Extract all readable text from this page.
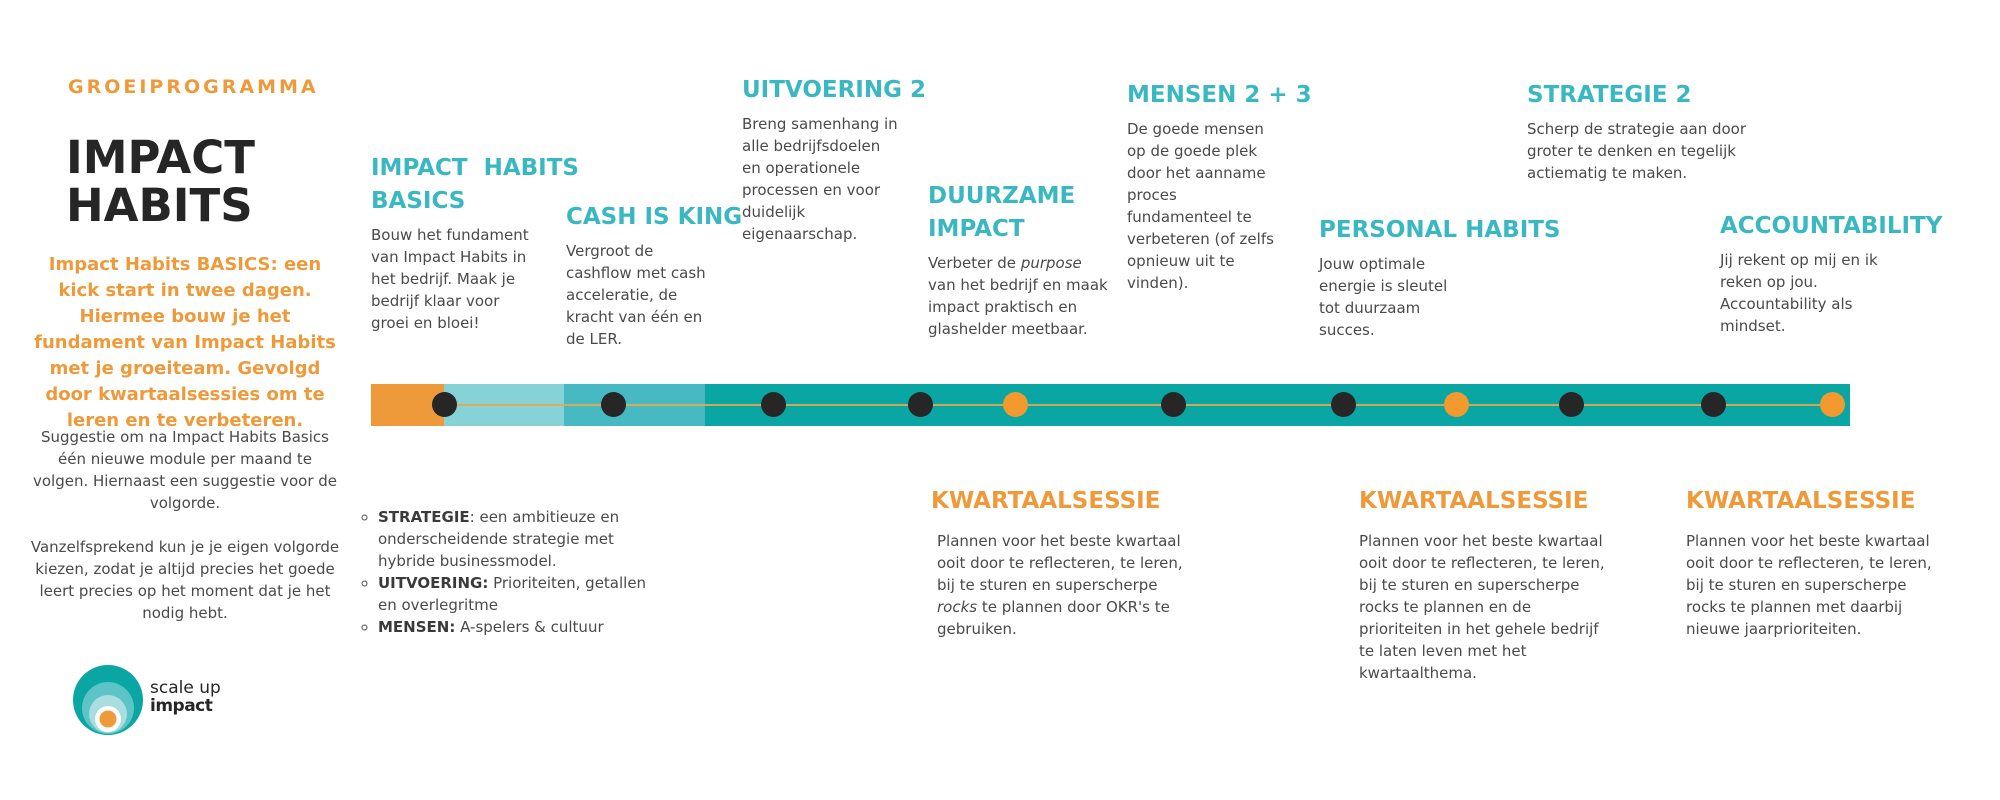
GROEIPROGRAMMA
IMPACT
HABITS
Impact Habits BASICS: een kick start in twee dagen. Hiermee bouw je het fundament van Impact Habits met je groeiteam. Gevolgd door kwartaalsessies om te leren en te verbeteren.
Suggestie om na Impact Habits Basics één nieuwe module per maand te volgen. Hiernaast een suggestie voor de volgorde.
Vanzelfsprekend kun je je eigen volgorde kiezen, zodat je altijd precies het goede leert precies op het moment dat je het nodig hebt.
scale up
impact
IMPACT  HABITS
BASICS
Bouw het fundament van Impact Habits in het bedrijf. Maak je bedrijf klaar voor groei en bloei!
CASH IS KING
Vergroot de cashflow met cash acceleratie, de kracht van één en de LER.
UITVOERING 2
Breng samenhang in alle bedrijfsdoelen en operationele processen en voor duidelijk eigenaarschap.
DUURZAME
IMPACT
Verbeter de purpose van het bedrijf en maak impact praktisch en glashelder meetbaar.
MENSEN 2 + 3
De goede mensen op de goede plek door het aanname proces fundamenteel te verbeteren (of zelfs opnieuw uit te vinden).
PERSONAL HABITS
Jouw optimale energie is sleutel tot duurzaam succes.
STRATEGIE 2
Scherp de strategie aan door groter te denken en tegelijk actiematig te maken.
ACCOUNTABILITY
Jij rekent op mij en ik reken op jou. Accountability als mindset.
◦ STRATEGIE: een ambitieuze en onderscheidende strategie met hybride businessmodel.
◦ UITVOERING: Prioriteiten, getallen en overlegritme
◦ MENSEN: A-spelers & cultuur
KWARTAALSESSIE
Plannen voor het beste kwartaal ooit door te reflecteren, te leren, bij te sturen en superscherpe rocks te plannen door OKR's te gebruiken.
KWARTAALSESSIE
Plannen voor het beste kwartaal ooit door te reflecteren, te leren, bij te sturen en superscherpe rocks te plannen en de prioriteiten in het gehele bedrijf te laten leven met het kwartaalthema.
KWARTAALSESSIE
Plannen voor het beste kwartaal ooit door te reflecteren, te leren, bij te sturen en superscherpe rocks te plannen met daarbij nieuwe jaarprioriteiten.
